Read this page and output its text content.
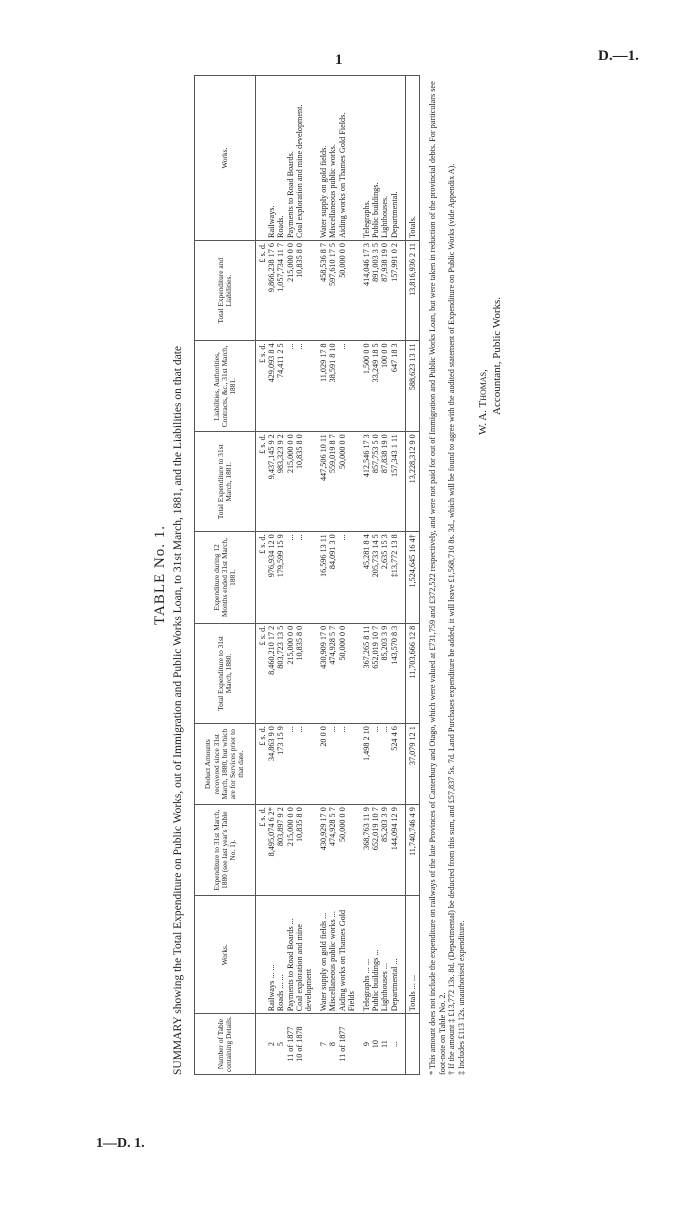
1	D.—1.
1—D. 1.
TABLE No. 1. SUMMARY showing the Total Expenditure on Public Works, out of Immigration and Public Works Loan, to 31st March, 1881, and the Liabilities on that date	Number of Table containing Details.	Works.	Expenditure to 31st March, 1880 (see last year's Table No. 1).	Deduct Amounts recovered since 31st March, 1880, but which are for Services prior to that date.	Total Expenditure to 31st March, 1880.	Expenditure during 12 Months ended 31st March, 1881.	Total Expenditure to 31st March, 1881.	Liabilities, Authorities, Contracts, &c., 31st March, 1881.	Total Expenditure and Liabilities.	Works.
		£ s. d.	£ s. d.	£ s. d.	£ s. d.	£ s. d.	£ s. d.	£ s. d.	
2	Railways ... ...	8,495,074 6 2*	34,863 9 0	8,460,210 17 2	976,934 12 0	9,437,145 9 2	429,093 8 4	9,866,238 17 6	Railways.
5	Roads ... ...	803,897 9 2	173 15 9	803,723 13 5	179,599 15 9	983,323 9 2	74,411 2 5	1,057,734 11 7	Roads.
11 of 1877	Payments to Road Boards ...	215,000 0 0	...	215,000 0 0	...	215,000 0 0	...	215,000 0 0	Payments to Road Boards.
10 of 1878	Coal exploration and mine development	10,835 8 0	...	10,835 8 0	...	10,835 8 0	...	10,835 8 0	Coal exploration and mine development.

7	Water supply on gold fields ...	430,929 17 0	20 0 0	430,909 17 0	16,596 13 11	447,506 10 11	11,029 17 8	458,536 8 7	Water supply on gold fields.
8	Miscellaneous public works ...	474,928 5 7	...	474,928 5 7	84,091 3 0	559,019 8 7	38,591 8 10	597,610 17 5	Miscellaneous public works.
11 of 1877	Aiding works on Thames Gold Fields	50,000 0 0	...	50,000 0 0	...	50,000 0 0	...	50,000 0 0	Aiding works on Thames Gold Fields.

9	Telegraphs ... ...	368,763 11 9	1,498 2 10	367,265 8 11	45,281 8 4	412,546 17 3	1,500 0 0	414,046 17 3	Telegraphs.
10	Public buildings ...	652,019 10 7	...	652,019 10 7	205,733 14 5	857,753 5 0	33,249 18 5	891,003 3 5	Public buildings.
11	Lighthouses ...	85,203 3 9	...	85,203 3 9	2,635 15 3	87,838 19 0	100 0 0	87,938 19 0	Lighthouses.
...	Departmental ...	144,094 12 9	524 4 6	143,570 8 3	‡13,772 13 8	157,343 1 11	647 18 3	157,991 0 2	Departmental.

	Totals ... ...	11,740,746 4 9	37,079 12 1	11,703,666 12 8	1,524,645 16 4†	13,228,312 9 0	588,623 13 11	13,816,936 2 11	Totals. * This amount does not include the expenditure on railways of the late Provinces of Canterbury and Otago, which were valued at £731,759 and £372,522 respectively, and were not paid for out of Immigration and Public Works Loan, but were taken in reduction of the provincial debts. For particulars see foot-note on Table No. 2. † If the amount ‡ £13,772 13s. 8d. (Departmental) be deducted from this sum, and £57,837 5s. 7d. Land Purchases expenditure be added, it will leave £1,568,710 8s. 3d., which will be found to agree with the audited statement of Expenditure on Public Works (vide Appendix A). ‡ Includes £113 12s. unauthorised expenditure.

W. A. Thomas, Accountant, Public Works.
